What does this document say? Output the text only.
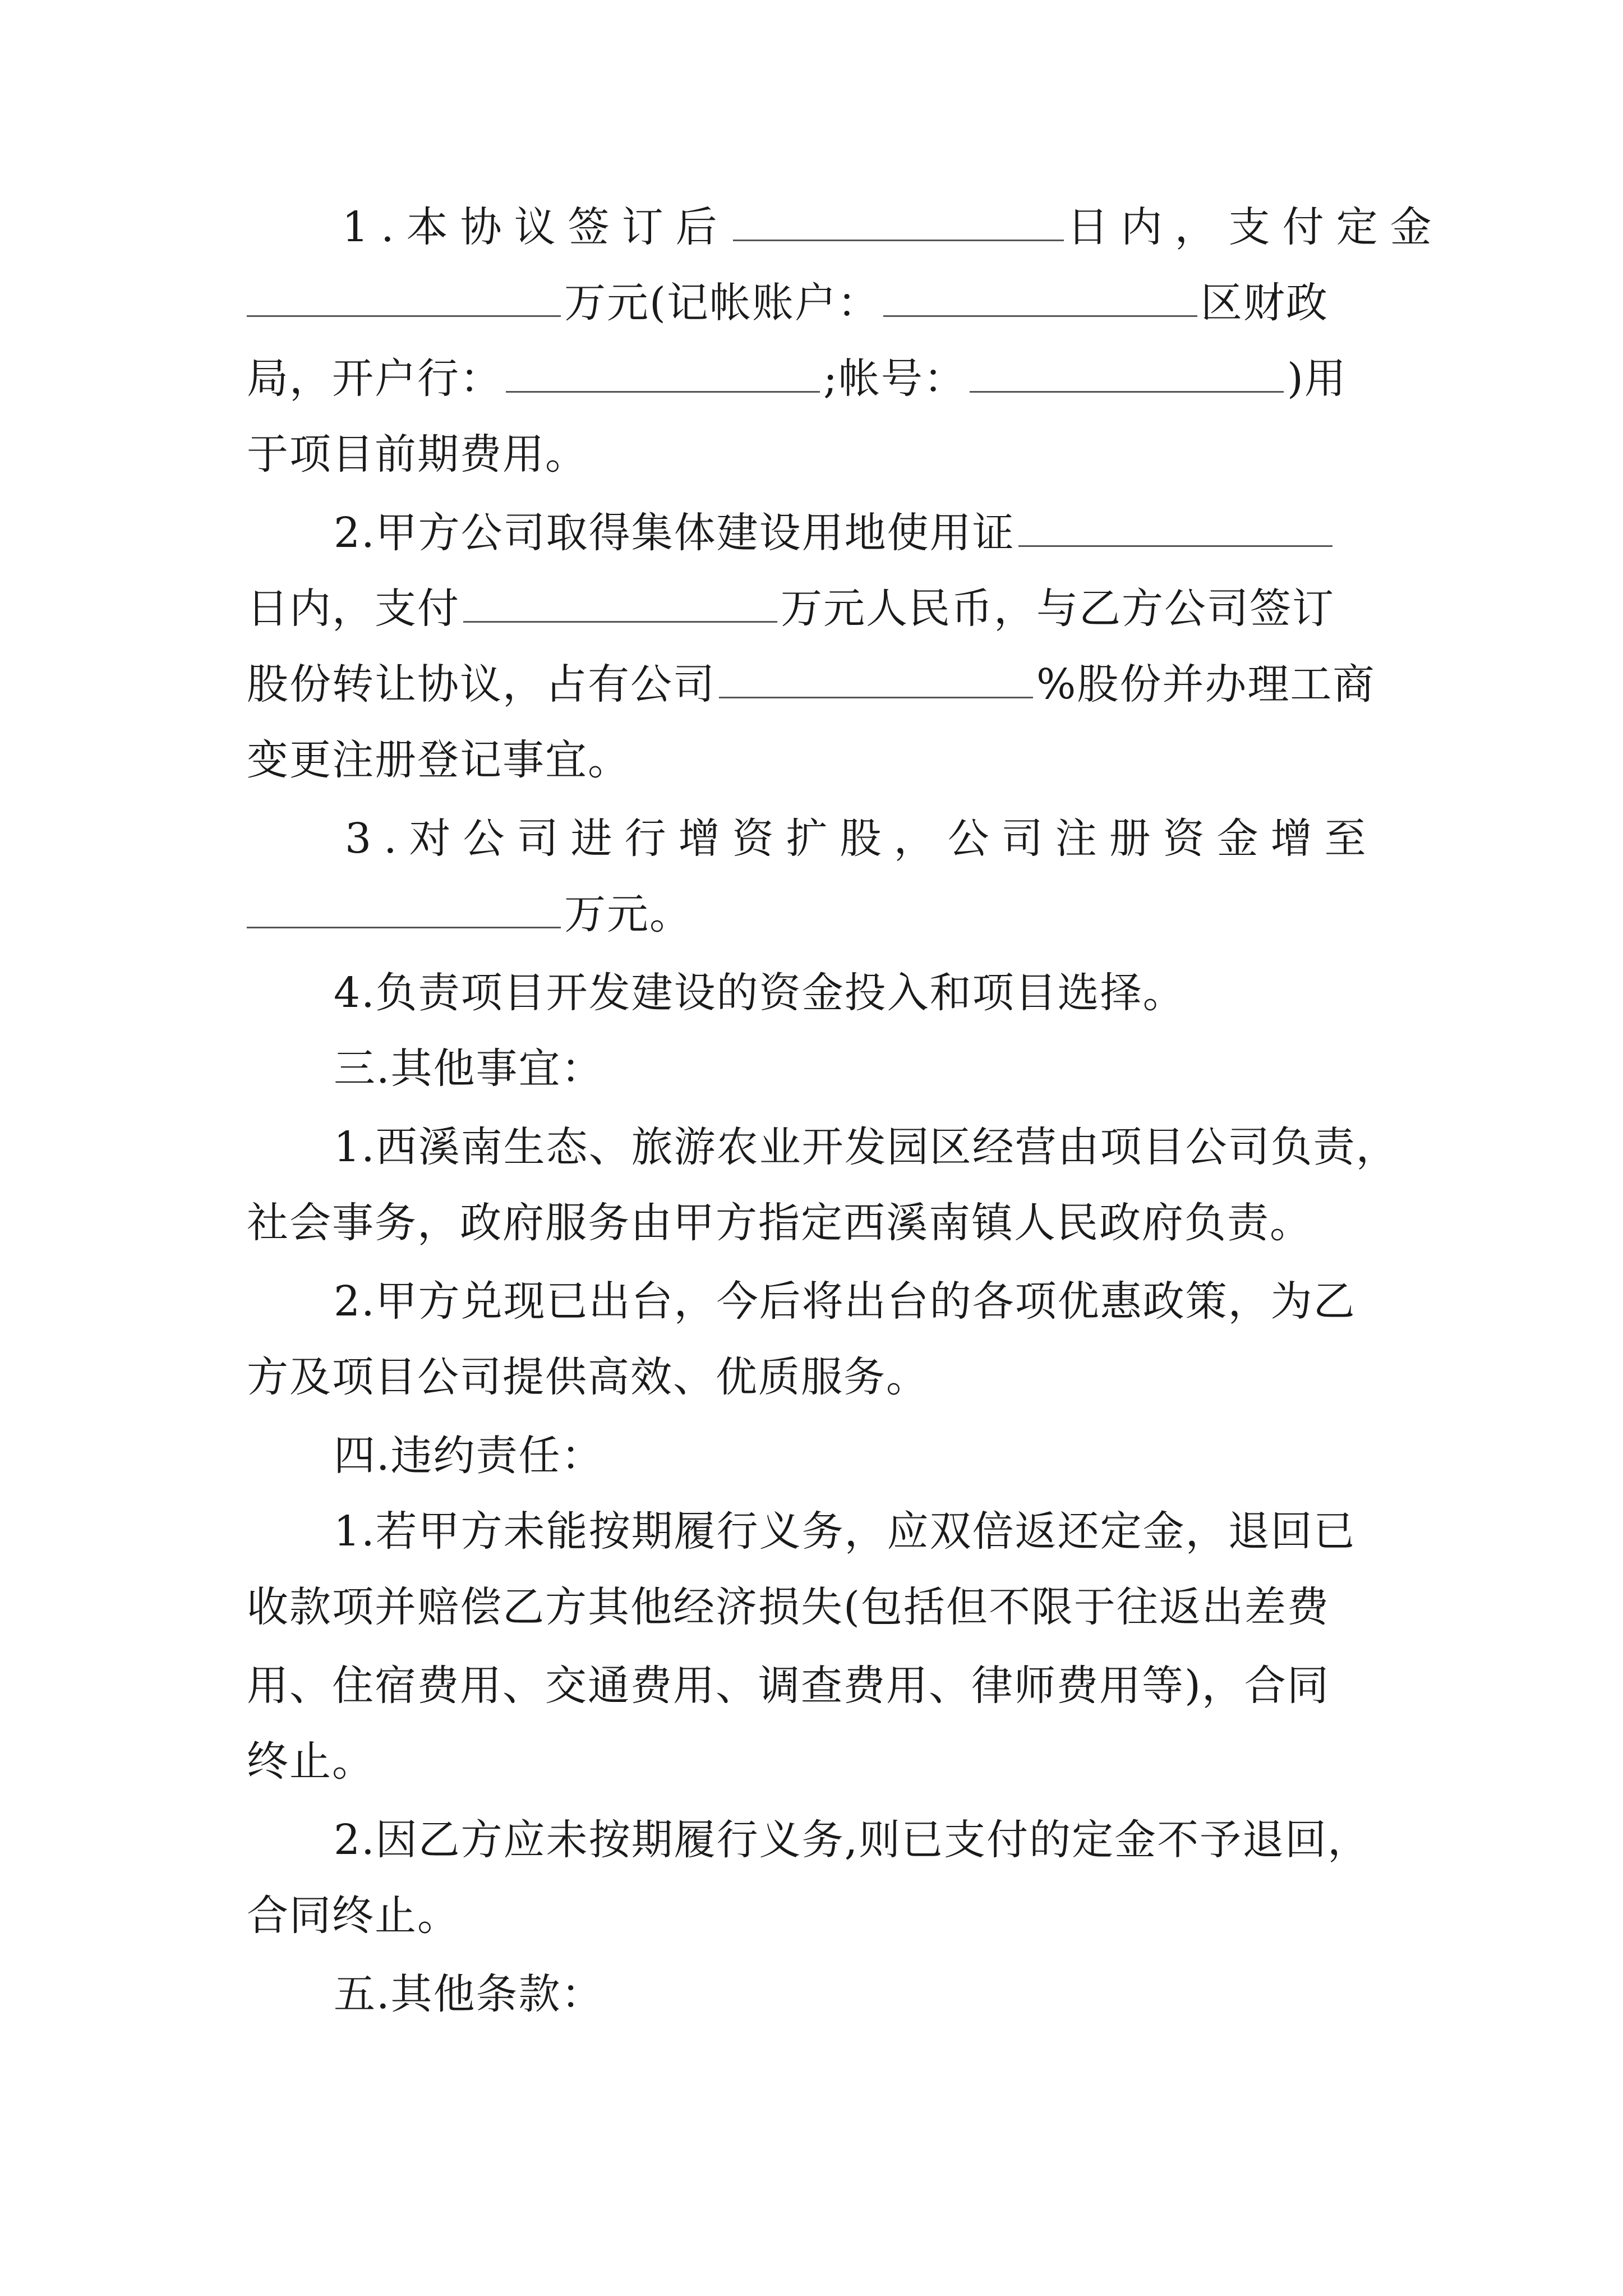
1.本协议签订后	日内，支付定金
万元(记帐账户：	区财政
局，开户行：	;帐号：	)用
于项目前期费用。
2.甲方公司取得集体建设用地使用证
日内，支付	万元人民币，与乙方公司签订
股份转让协议，占有公司	%股份并办理工商
变更注册登记事宜。
3.对公司进行增资扩股，公司注册资金增至
万元。
4.负责项目开发建设的资金投入和项目选择。
三.其他事宜：
1.西溪南生态、旅游农业开发园区经营由项目公司负责，
社会事务，政府服务由甲方指定西溪南镇人民政府负责。
2.甲方兑现已出台，今后将出台的各项优惠政策，为乙
方及项目公司提供高效、优质服务。
四.违约责任：
1.若甲方未能按期履行义务，应双倍返还定金，退回已
收款项并赔偿乙方其他经济损失(包括但不限于往返出差费
用、住宿费用、交通费用、调查费用、律师费用等)，合同
终止。
2.因乙方应未按期履行义务,则已支付的定金不予退回，
合同终止。
五.其他条款：
